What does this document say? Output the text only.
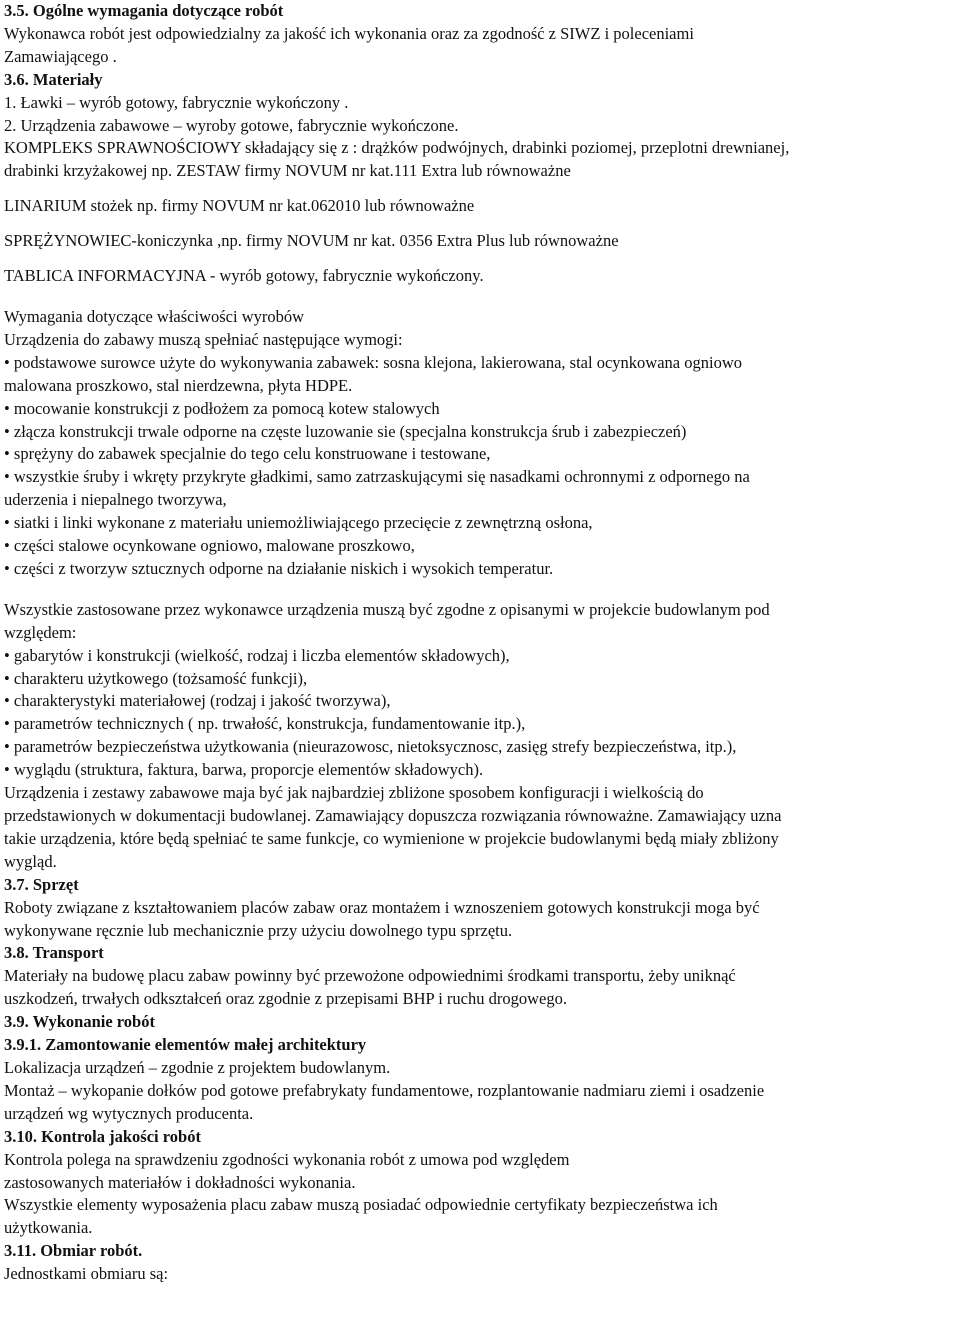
3.5. Ogólne wymagania dotyczące robót
Wykonawca robót jest odpowiedzialny za jakość ich wykonania oraz za zgodność z SIWZ i poleceniami
Zamawiającego .
3.6. Materiały
1. Ławki – wyrób gotowy, fabrycznie wykończony .
2. Urządzenia zabawowe – wyroby gotowe, fabrycznie wykończone.
KOMPLEKS SPRAWNOŚCIOWY składający się z : drążków podwójnych, drabinki poziomej, przeplotni drewnianej,
drabinki krzyżakowej np. ZESTAW firmy NOVUM nr kat.111 Extra lub równoważne
LINARIUM stożek np. firmy NOVUM nr kat.062010 lub równoważne
SPRĘŻYNOWIEC-koniczynka ,np. firmy NOVUM nr kat. 0356 Extra Plus lub równoważne
TABLICA INFORMACYJNA - wyrób gotowy, fabrycznie wykończony.
Wymagania dotyczące właściwości wyrobów
Urządzenia do zabawy muszą spełniać następujące wymogi:
• podstawowe surowce użyte do wykonywania zabawek: sosna klejona, lakierowana, stal ocynkowana ogniowo
malowana proszkowo, stal nierdzewna, płyta HDPE.
• mocowanie konstrukcji z podłożem za pomocą kotew stalowych
• złącza konstrukcji trwale odporne na częste luzowanie sie (specjalna konstrukcja śrub i zabezpieczeń)
• sprężyny do zabawek specjalnie do tego celu konstruowane i testowane,
• wszystkie śruby i wkręty przykryte gładkimi, samo zatrzaskującymi się nasadkami ochronnymi z odpornego na
uderzenia i niepalnego tworzywa,
• siatki i linki wykonane z materiału uniemożliwiającego przecięcie z zewnętrzną osłona,
• części stalowe ocynkowane ogniowo, malowane proszkowo,
• części z tworzyw sztucznych odporne na działanie niskich i wysokich temperatur.
Wszystkie zastosowane przez wykonawce urządzenia muszą być zgodne z opisanymi w projekcie budowlanym pod
względem:
• gabarytów i konstrukcji (wielkość, rodzaj i liczba elementów składowych),
• charakteru użytkowego (tożsamość funkcji),
• charakterystyki materiałowej (rodzaj i jakość tworzywa),
• parametrów technicznych ( np. trwałość, konstrukcja, fundamentowanie itp.),
• parametrów bezpieczeństwa użytkowania (nieurazowosc, nietoksycznosc, zasięg strefy bezpieczeństwa, itp.),
• wyglądu (struktura, faktura, barwa, proporcje elementów składowych).
Urządzenia i zestawy zabawowe maja być jak najbardziej zbliżone sposobem konfiguracji i wielkością do
przedstawionych w dokumentacji budowlanej. Zamawiający dopuszcza rozwiązania równoważne. Zamawiający uzna
takie urządzenia, które będą spełniać te same funkcje, co wymienione w projekcie budowlanymi będą miały zbliżony
wygląd.
3.7. Sprzęt
Roboty związane z kształtowaniem placów zabaw oraz montażem i wznoszeniem gotowych konstrukcji moga być
wykonywane ręcznie lub mechanicznie przy użyciu dowolnego typu sprzętu.
3.8. Transport
Materiały na budowę placu zabaw powinny być przewożone odpowiednimi środkami transportu, żeby uniknąć
uszkodzeń, trwałych odkształceń oraz zgodnie z przepisami BHP i ruchu drogowego.
3.9. Wykonanie robót
3.9.1. Zamontowanie elementów małej architektury
Lokalizacja urządzeń – zgodnie z projektem budowlanym.
Montaż – wykopanie dołków pod gotowe prefabrykaty fundamentowe, rozplantowanie nadmiaru ziemi i osadzenie
urządzeń wg wytycznych producenta.
3.10. Kontrola jakości robót
Kontrola polega na sprawdzeniu zgodności wykonania robót z umowa pod względem
zastosowanych materiałów i dokładności wykonania.
Wszystkie elementy wyposażenia placu zabaw muszą posiadać odpowiednie certyfikaty bezpieczeństwa ich
użytkowania.
3.11. Obmiar robót.
Jednostkami obmiaru są:
